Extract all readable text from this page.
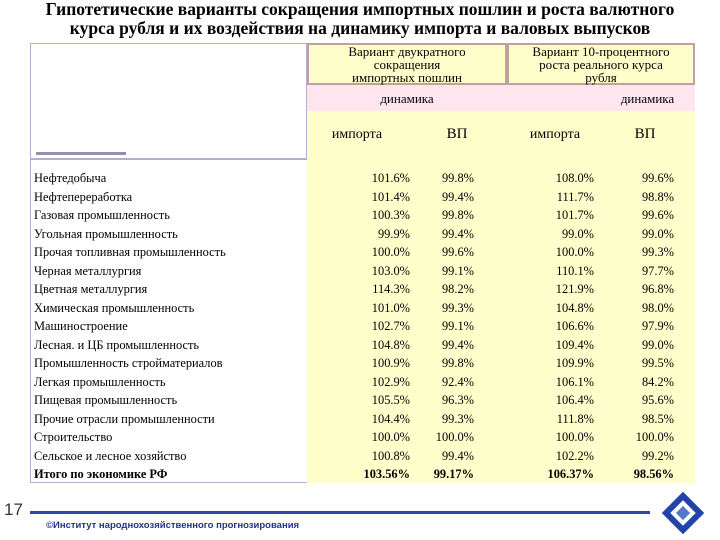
Гипотетические варианты сокращения импортных пошлин и роста валютного
курса рубля и их воздействия на динамику импорта и валовых выпусков
Вариант двукратного
сокращения
импортных пошлин
Вариант 10-процентного
роста реального курса
рубля
динамика	динамика
импорта	ВП	импорта	ВП
Нефтедобыча	101.6%	99.8%	108.0%	99.6%
Нефтепереработка	101.4%	99.4%	111.7%	98.8%
Газовая промышленность	100.3%	99.8%	101.7%	99.6%
Угольная промышленность	99.9%	99.4%	99.0%	99.0%
Прочая топливная промышленность	100.0%	99.6%	100.0%	99.3%
Черная металлургия	103.0%	99.1%	110.1%	97.7%
Цветная металлургия	114.3%	98.2%	121.9%	96.8%
Химическая промышленность	101.0%	99.3%	104.8%	98.0%
Машиностроение	102.7%	99.1%	106.6%	97.9%
Лесная. и ЦБ промышленность	104.8%	99.4%	109.4%	99.0%
Промышленность стройматериалов	100.9%	99.8%	109.9%	99.5%
Легкая промышленность	102.9%	92.4%	106.1%	84.2%
Пищевая промышленность	105.5%	96.3%	106.4%	95.6%
Прочие отрасли промышленности	104.4%	99.3%	111.8%	98.5%
Строительство	100.0% 100.0%	100.0%	100.0%
Сельское и лесное хозяйство	100.8%	99.4%	102.2%	99.2%
Итого по экономике РФ	103.56% 99.17%	106.37%	98.56%
17
©Институт народнохозяйственного прогнозирования
